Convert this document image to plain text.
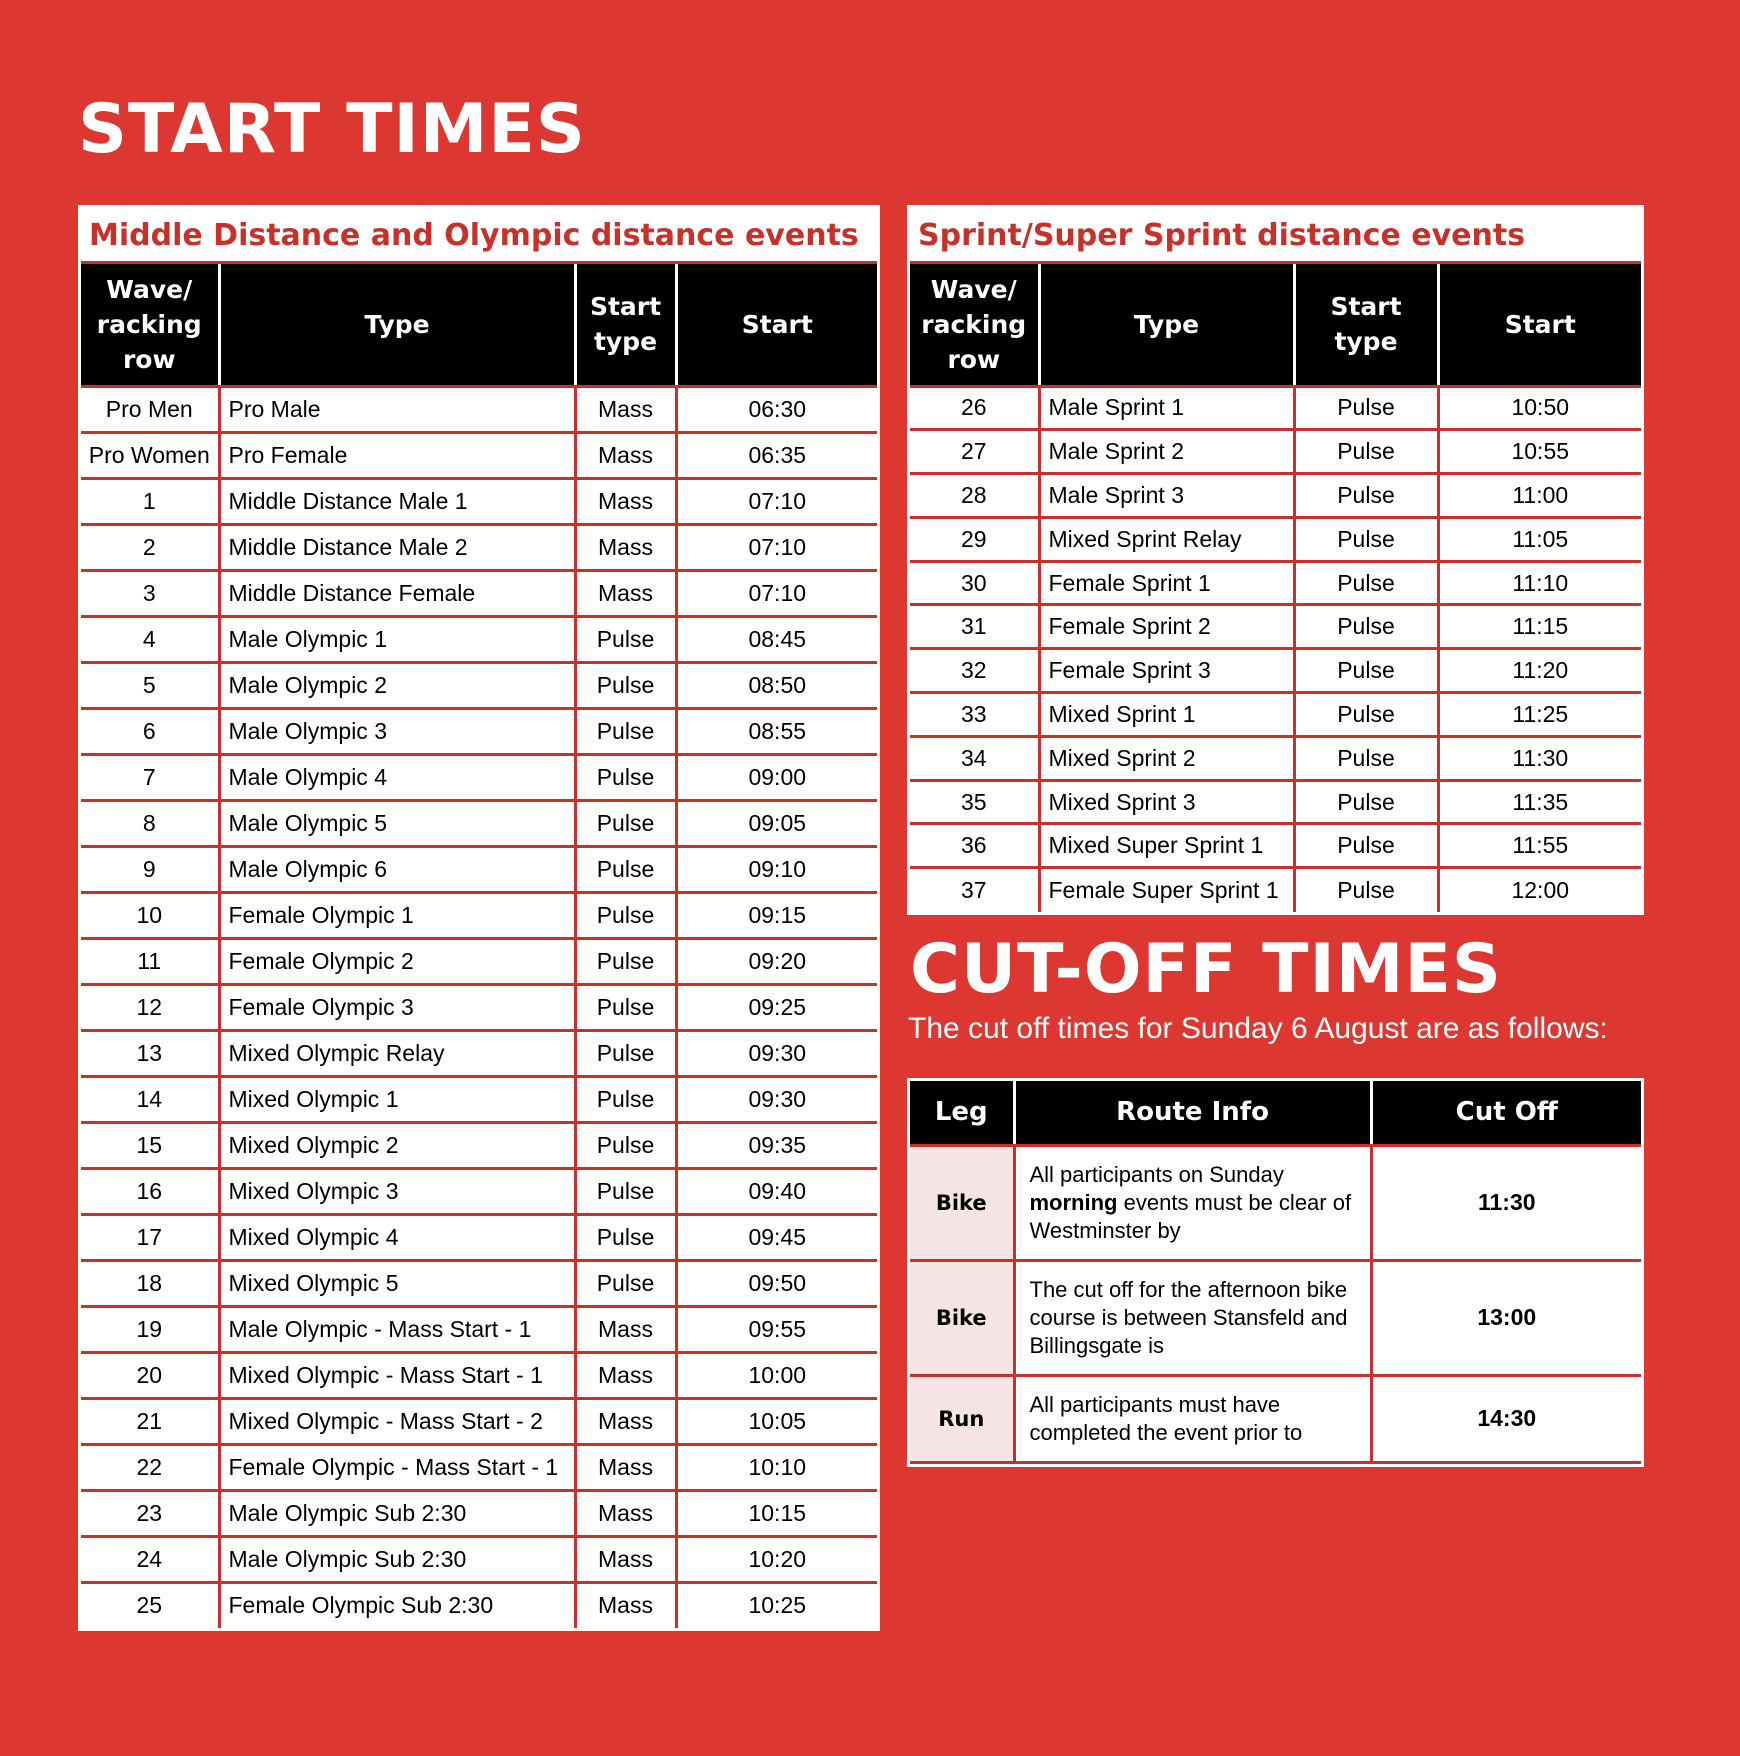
START TIMES
Middle Distance and Olympic distance events
Wave/ racking row	Type	Start type	Start
Pro Men	Pro Male	Mass	06:30
Pro Women	Pro Female	Mass	06:35
1	Middle Distance Male 1	Mass	07:10
2	Middle Distance Male 2	Mass	07:10
3	Middle Distance Female	Mass	07:10
4	Male Olympic 1	Pulse	08:45
5	Male Olympic 2	Pulse	08:50
6	Male Olympic 3	Pulse	08:55
7	Male Olympic 4	Pulse	09:00
8	Male Olympic 5	Pulse	09:05
9	Male Olympic 6	Pulse	09:10
10	Female Olympic 1	Pulse	09:15
11	Female Olympic 2	Pulse	09:20
12	Female Olympic 3	Pulse	09:25
13	Mixed Olympic Relay	Pulse	09:30
14	Mixed Olympic 1	Pulse	09:30
15	Mixed Olympic 2	Pulse	09:35
16	Mixed Olympic 3	Pulse	09:40
17	Mixed Olympic 4	Pulse	09:45
18	Mixed Olympic 5	Pulse	09:50
19	Male Olympic - Mass Start - 1	Mass	09:55
20	Mixed Olympic - Mass Start - 1	Mass	10:00
21	Mixed Olympic - Mass Start - 2	Mass	10:05
22	Female Olympic - Mass Start - 1	Mass	10:10
23	Male Olympic Sub 2:30	Mass	10:15
24	Male Olympic Sub 2:30	Mass	10:20
25	Female Olympic Sub 2:30	Mass	10:25
Sprint/Super Sprint distance events
Wave/ racking row	Type	Start type	Start
26	Male Sprint 1	Pulse	10:50
27	Male Sprint 2	Pulse	10:55
28	Male Sprint 3	Pulse	11:00
29	Mixed Sprint Relay	Pulse	11:05
30	Female Sprint 1	Pulse	11:10
31	Female Sprint 2	Pulse	11:15
32	Female Sprint 3	Pulse	11:20
33	Mixed Sprint 1	Pulse	11:25
34	Mixed Sprint 2	Pulse	11:30
35	Mixed Sprint 3	Pulse	11:35
36	Mixed Super Sprint 1	Pulse	11:55
37	Female Super Sprint 1	Pulse	12:00
CUT-OFF TIMES
The cut off times for Sunday 6 August are as follows:
Leg	Route Info	Cut Off
Bike	All participants on Sunday morning events must be clear of Westminster by	11:30
Bike	The cut off for the afternoon bike course is between Stansfeld and Billingsgate is	13:00
Run	All participants must have completed the event prior to	14:30
